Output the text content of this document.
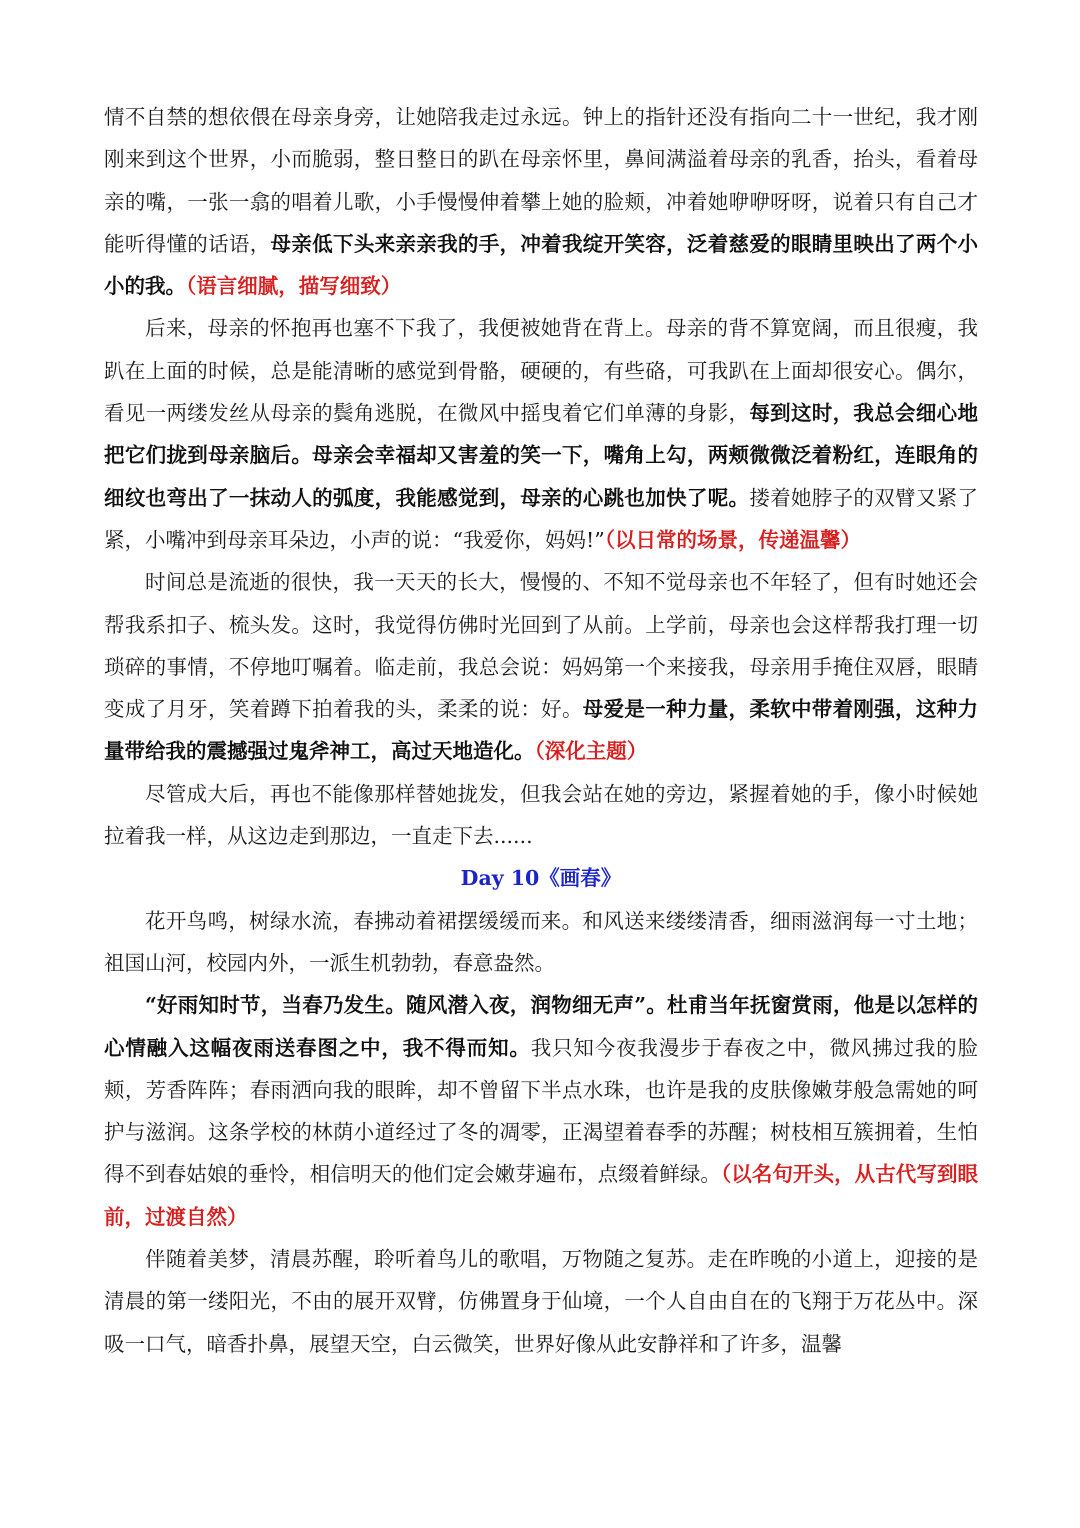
情不自禁的想依偎在母亲身旁，让她陪我走过永远。钟上的指针还没有指向二十一世纪，我才刚刚来到这个世界，小而脆弱，整日整日的趴在母亲怀里，鼻间满溢着母亲的乳香，抬头，看着母亲的嘴，一张一翕的唱着儿歌，小手慢慢伸着攀上她的脸颊，冲着她咿咿呀呀，说着只有自己才能听得懂的话语，母亲低下头来亲亲我的手，冲着我绽开笑容，泛着慈爱的眼睛里映出了两个小小的我。（语言细腻，描写细致）

后来，母亲的怀抱再也塞不下我了，我便被她背在背上。母亲的背不算宽阔，而且很瘦，我趴在上面的时候，总是能清晰的感觉到骨骼，硬硬的，有些硌，可我趴在上面却很安心。偶尔，看见一两缕发丝从母亲的鬓角逃脱，在微风中摇曳着它们单薄的身影，每到这时，我总会细心地把它们拢到母亲脑后。母亲会幸福却又害羞的笑一下，嘴角上勾，两颊微微泛着粉红，连眼角的细纹也弯出了一抹动人的弧度，我能感觉到，母亲的心跳也加快了呢。搂着她脖子的双臂又紧了紧，小嘴冲到母亲耳朵边，小声的说：“我爱你，妈妈!”（以日常的场景，传递温馨）

时间总是流逝的很快，我一天天的长大，慢慢的、不知不觉母亲也不年轻了，但有时她还会帮我系扣子、梳头发。这时，我觉得仿佛时光回到了从前。上学前，母亲也会这样帮我打理一切琐碎的事情，不停地叮嘱着。临走前，我总会说：妈妈第一个来接我，母亲用手掩住双唇，眼睛变成了月牙，笑着蹲下拍着我的头，柔柔的说：好。母爱是一种力量，柔软中带着刚强，这种力量带给我的震撼强过鬼斧神工，高过天地造化。（深化主题）

尽管成大后，再也不能像那样替她拢发，但我会站在她的旁边，紧握着她的手，像小时候她拉着我一样，从这边走到那边，一直走下去......

Day 10《画春》

花开鸟鸣，树绿水流，春拂动着裙摆缓缓而来。和风送来缕缕清香，细雨滋润每一寸土地；祖国山河，校园内外，一派生机勃勃，春意盎然。

“好雨知时节，当春乃发生。随风潜入夜，润物细无声”。杜甫当年抚窗赏雨，他是以怎样的心情融入这幅夜雨送春图之中，我不得而知。我只知今夜我漫步于春夜之中，微风拂过我的脸颊，芳香阵阵；春雨洒向我的眼眸，却不曾留下半点水珠，也许是我的皮肤像嫩芽般急需她的呵护与滋润。这条学校的林荫小道经过了冬的凋零，正渴望着春季的苏醒；树枝相互簇拥着，生怕得不到春姑娘的垂怜，相信明天的他们定会嫩芽遍布，点缀着鲜绿。（以名句开头，从古代写到眼前，过渡自然）

伴随着美梦，清晨苏醒，聆听着鸟儿的歌唱，万物随之复苏。走在昨晚的小道上，迎接的是清晨的第一缕阳光，不由的展开双臂，仿佛置身于仙境，一个人自由自在的飞翔于万花丛中。深吸一口气，暗香扑鼻，展望天空，白云微笑，世界好像从此安静祥和了许多，温馨
